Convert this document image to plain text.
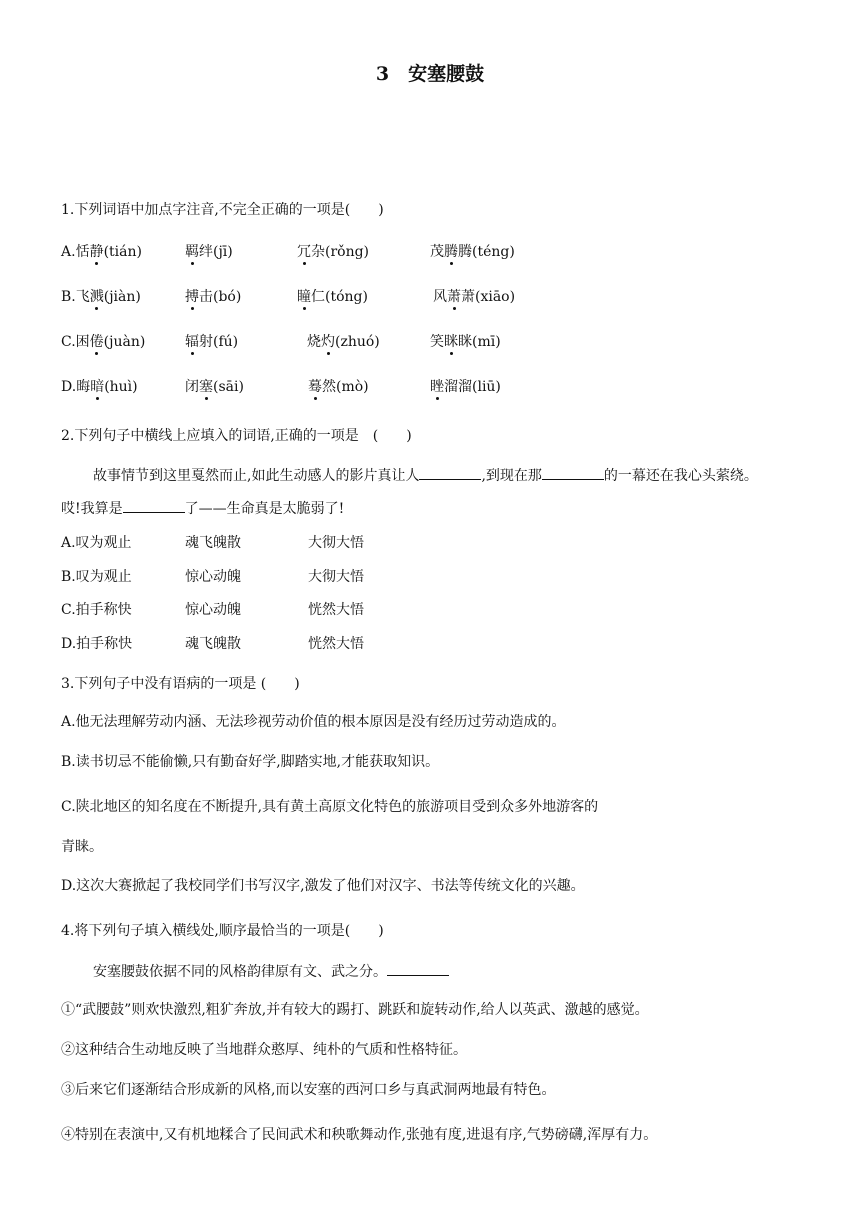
3　安塞腰鼓
1.下列词语中加点字注音,不完全正确的一项是(　　)
A.恬静(tián)	羁绊(jī)	冗杂(rǒng)	茂腾腾(téng)
B.飞溅(jiàn)	搏击(bó)	瞳仁(tóng)	风萧萧(xiāo)
C.困倦(juàn)	辐射(fú)	烧灼(zhuó)	笑眯眯(mī)
D.晦暗(huì)	闭塞(sāi)	蓦然(mò)	睉溜溜(liū)
2.下列句子中横线上应填入的词语,正确的一项是　(　　)
故事情节到这里戛然而止,如此生动感人的影片真让人	,到现在那	的一幕还在我心头萦绕。
哎!我算是	了——生命真是太脆弱了!
A.叹为观止	魂飞魄散	大彻大悟
B.叹为观止	惊心动魄	大彻大悟
C.拍手称快	惊心动魄	恍然大悟
D.拍手称快	魂飞魄散	恍然大悟
3.下列句子中没有语病的一项是 (　　)
A.他无法理解劳动内涵、无法珍视劳动价值的根本原因是没有经历过劳动造成的。
B.读书切忌不能偷懒,只有勤奋好学,脚踏实地,才能获取知识。
C.陕北地区的知名度在不断提升,具有黄土高原文化特色的旅游项目受到众多外地游客的
青睐。
D.这次大赛掀起了我校同学们书写汉字,激发了他们对汉字、书法等传统文化的兴趣。
4.将下列句子填入横线处,顺序最恰当的一项是(　　)
安塞腰鼓依据不同的风格韵律原有文、武之分。
①“武腰鼓”则欢快激烈,粗犷奔放,并有较大的踢打、跳跃和旋转动作,给人以英武、激越的感觉。
②这种结合生动地反映了当地群众憨厚、纯朴的气质和性格特征。
③后来它们逐渐结合形成新的风格,而以安塞的西河口乡与真武洞两地最有特色。
④特别在表演中,又有机地糅合了民间武术和秧歌舞动作,张弛有度,进退有序,气势磅礴,浑厚有力。
